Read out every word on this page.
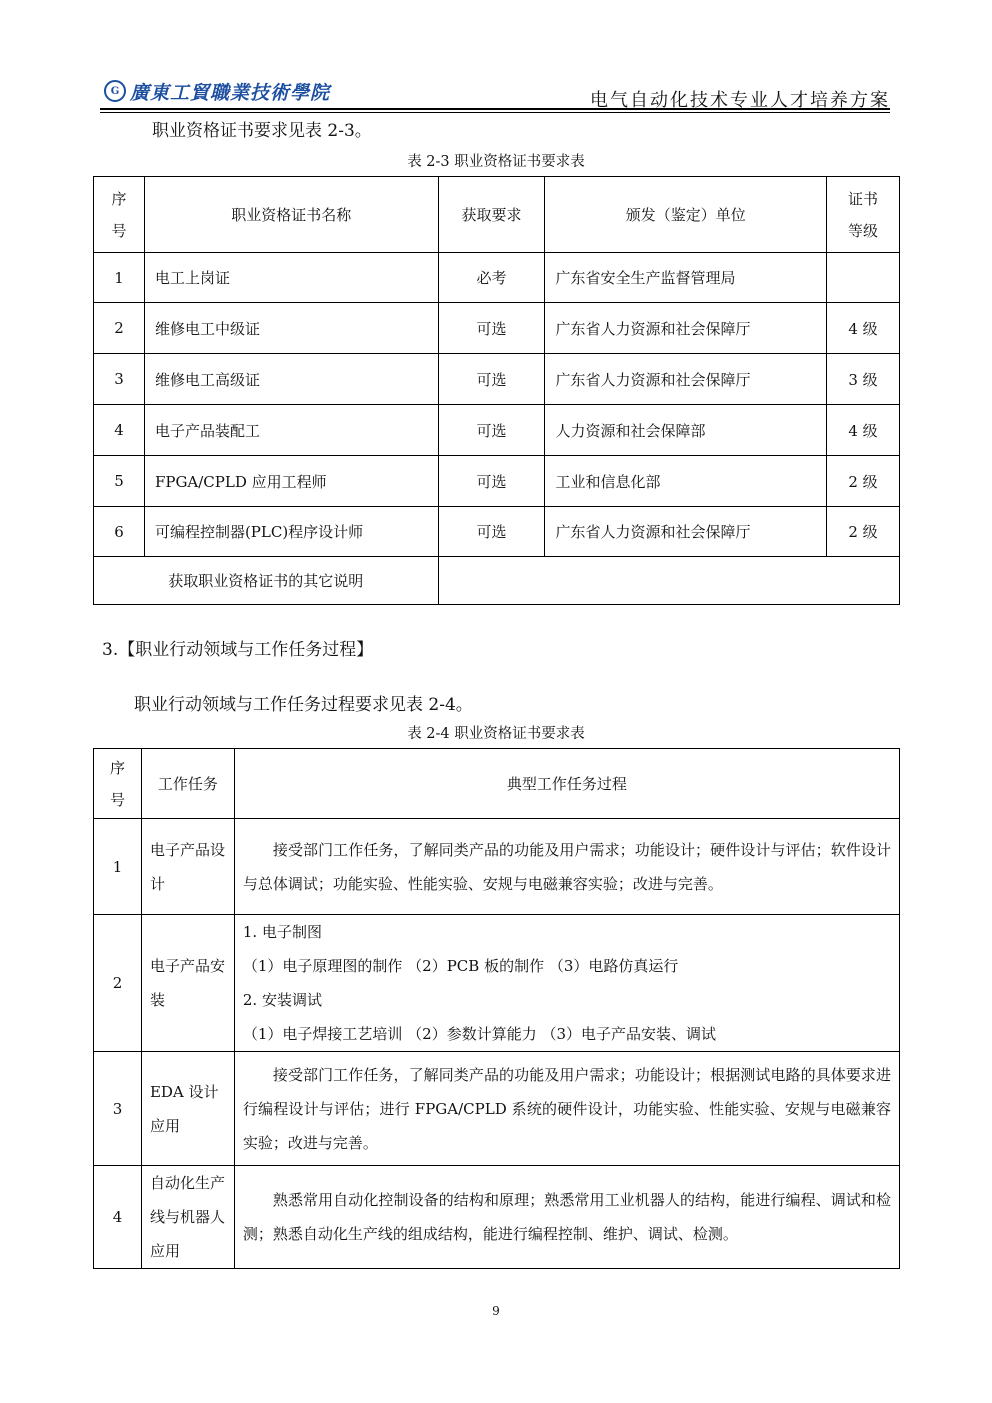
G 廣東工貿職業技術學院	电气自动化技术专业人才培养方案
职业资格证书要求见表 2-3。
表 2-3 职业资格证书要求表
序号	职业资格证书名称	获取要求	颁发（鉴定）单位	证书等级

1	电工上岗证	必考	广东省安全生产监督管理局	
2	维修电工中级证	可选	广东省人力资源和社会保障厅	4 级
3	维修电工高级证	可选	广东省人力资源和社会保障厅	3 级
4	电子产品装配工	可选	人力资源和社会保障部	4 级
5	FPGA/CPLD 应用工程师	可选	工业和信息化部	2 级
6	可编程控制器(PLC)程序设计师	可选	广东省人力资源和社会保障厅	2 级
获取职业资格证书的其它说明				
3.【职业行动领域与工作任务过程】
职业行动领域与工作任务过程要求见表 2-4。
表 2-4 职业资格证书要求表
序号	工作任务	典型工作任务过程
1	电子产品设计	接受部门工作任务，了解同类产品的功能及用户需求；功能设计；硬件设计与评估；软件设计与总体调试；功能实验、性能实验、安规与电磁兼容实验；改进与完善。
2	电子产品安装	1. 电子制图
（1）电子原理图的制作 （2）PCB 板的制作 （3）电路仿真运行
2. 安装调试
（1）电子焊接工艺培训 （2）参数计算能力 （3）电子产品安装、调试

3	EDA 设计应用	接受部门工作任务，了解同类产品的功能及用户需求；功能设计；根据测试电路的具体要求进行编程设计与评估；进行 FPGA/CPLD 系统的硬件设计，功能实验、性能实验、安规与电磁兼容实验；改进与完善。
4	自动化生产线与机器人应用	熟悉常用自动化控制设备的结构和原理；熟悉常用工业机器人的结构，能进行编程、调试和检测；熟悉自动化生产线的组成结构，能进行编程控制、维护、调试、检测。
9
